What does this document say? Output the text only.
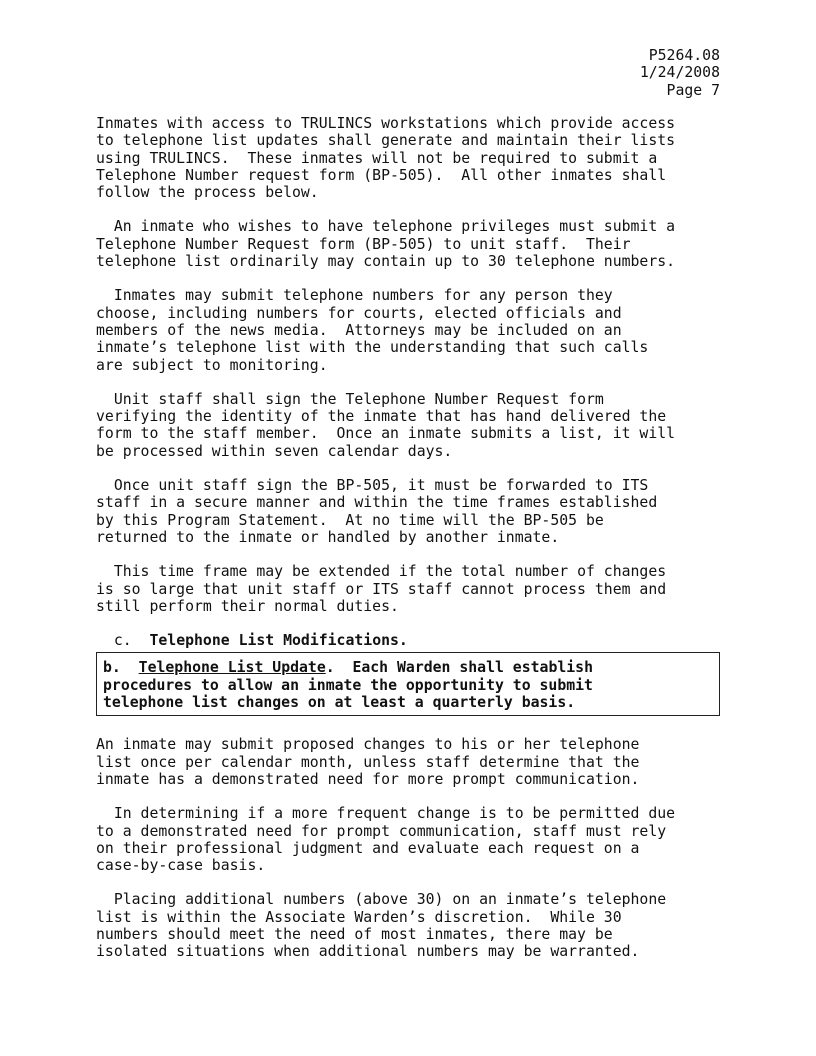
P5264.08
1/24/2008
Page 7

Inmates with access to TRULINCS workstations which provide access
to telephone list updates shall generate and maintain their lists
using TRULINCS.  These inmates will not be required to submit a
Telephone Number request form (BP-505).  All other inmates shall
follow the process below.

An inmate who wishes to have telephone privileges must submit a
Telephone Number Request form (BP-505) to unit staff.  Their
telephone list ordinarily may contain up to 30 telephone numbers.

Inmates may submit telephone numbers for any person they
choose, including numbers for courts, elected officials and
members of the news media.  Attorneys may be included on an
inmate’s telephone list with the understanding that such calls
are subject to monitoring.

Unit staff shall sign the Telephone Number Request form
verifying the identity of the inmate that has hand delivered the
form to the staff member.  Once an inmate submits a list, it will
be processed within seven calendar days.

Once unit staff sign the BP-505, it must be forwarded to ITS
staff in a secure manner and within the time frames established
by this Program Statement.  At no time will the BP-505 be
returned to the inmate or handled by another inmate.

This time frame may be extended if the total number of changes
is so large that unit staff or ITS staff cannot process them and
still perform their normal duties.

c. Telephone List Modifications.

b. Telephone List Update.  Each Warden shall establish
procedures to allow an inmate the opportunity to submit
telephone list changes on at least a quarterly basis.

An inmate may submit proposed changes to his or her telephone
list once per calendar month, unless staff determine that the
inmate has a demonstrated need for more prompt communication.

In determining if a more frequent change is to be permitted due
to a demonstrated need for prompt communication, staff must rely
on their professional judgment and evaluate each request on a
case-by-case basis.

Placing additional numbers (above 30) on an inmate’s telephone
list is within the Associate Warden’s discretion.  While 30
numbers should meet the need of most inmates, there may be
isolated situations when additional numbers may be warranted.
